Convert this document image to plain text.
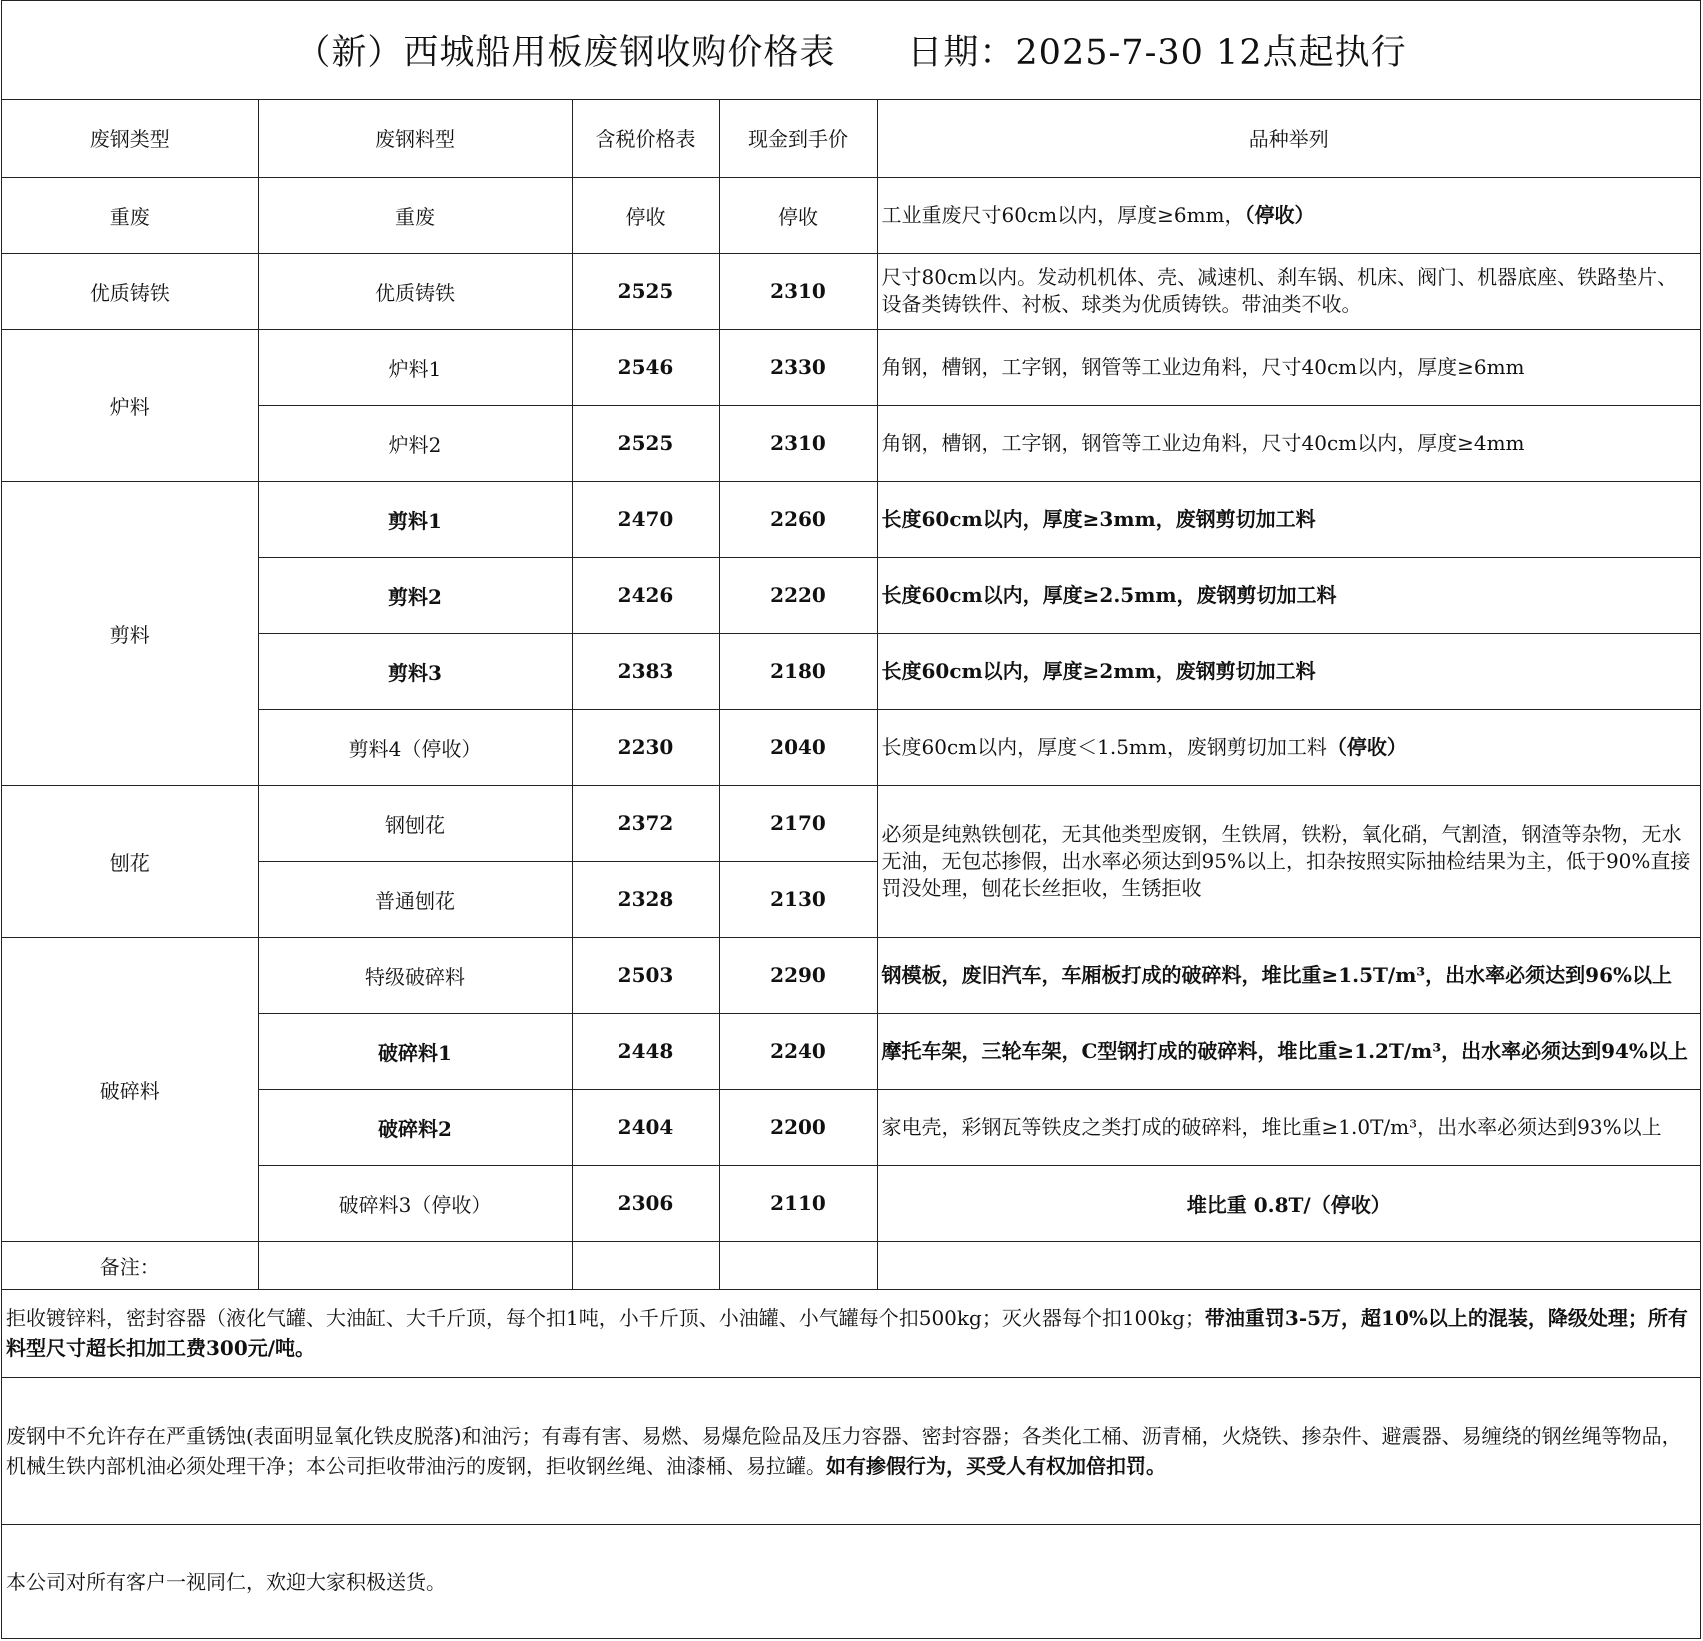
（新）西城船用板废钢收购价格表 日期：2025-7-30 12点起执行
废钢类型	废钢料型	含税价格表	现金到手价	品种举列
重废	重废	停收	停收	工业重废尺寸60cm以内，厚度≥6mm，（停收）
优质铸铁	优质铸铁	2525	2310	尺寸80cm以内。发动机机体、壳、减速机、刹车锅、机床、阀门、机器底座、铁路垫片、设备类铸铁件、衬板、球类为优质铸铁。带油类不收。
炉料	炉料1	2546	2330	角钢，槽钢，工字钢，钢管等工业边角料，尺寸40cm以内，厚度≥6mm
	炉料2	2525	2310	角钢，槽钢，工字钢，钢管等工业边角料，尺寸40cm以内，厚度≥4mm
剪料	剪料1	2470	2260	长度60cm以内，厚度≥3mm，废钢剪切加工料
	剪料2	2426	2220	长度60cm以内，厚度≥2.5mm，废钢剪切加工料
	剪料3	2383	2180	长度60cm以内，厚度≥2mm，废钢剪切加工料
	剪料4（停收）	2230	2040	长度60cm以内，厚度＜1.5mm，废钢剪切加工料（停收）
刨花	钢刨花	2372	2170	必须是纯熟铁刨花，无其他类型废钢，生铁屑，铁粉，氧化硝，气割渣，钢渣等杂物，无水无油，无包芯掺假，出水率必须达到95%以上，扣杂按照实际抽检结果为主，低于90%直接罚没处理，刨花长丝拒收，生锈拒收
	普通刨花	2328	2130	
破碎料	特级破碎料	2503	2290	钢模板，废旧汽车，车厢板打成的破碎料，堆比重≥1.5T/m³，出水率必须达到96%以上
	破碎料1	2448	2240	摩托车架，三轮车架，C型钢打成的破碎料，堆比重≥1.2T/m³，出水率必须达到94%以上
	破碎料2	2404	2200	家电壳，彩钢瓦等铁皮之类打成的破碎料，堆比重≥1.0T/m³，出水率必须达到93%以上
	破碎料3（停收）	2306	2110	堆比重 0.8T/（停收）
备注：				
拒收镀锌料，密封容器（液化气罐、大油缸、大千斤顶，每个扣1吨，小千斤顶、小油罐、小气罐每个扣500kg；灭火器每个扣100kg；带油重罚3-5万，超10%以上的混装，降级处理；所有料型尺寸超长扣加工费300元/吨。
废钢中不允许存在严重锈蚀(表面明显氧化铁皮脱落)和油污；有毒有害、易燃、易爆危险品及压力容器、密封容器；各类化工桶、沥青桶，火烧铁、掺杂件、避震器、易缠绕的钢丝绳等物品，机械生铁内部机油必须处理干净；本公司拒收带油污的废钢，拒收钢丝绳、油漆桶、易拉罐。如有掺假行为，买受人有权加倍扣罚。
本公司对所有客户一视同仁，欢迎大家积极送货。
